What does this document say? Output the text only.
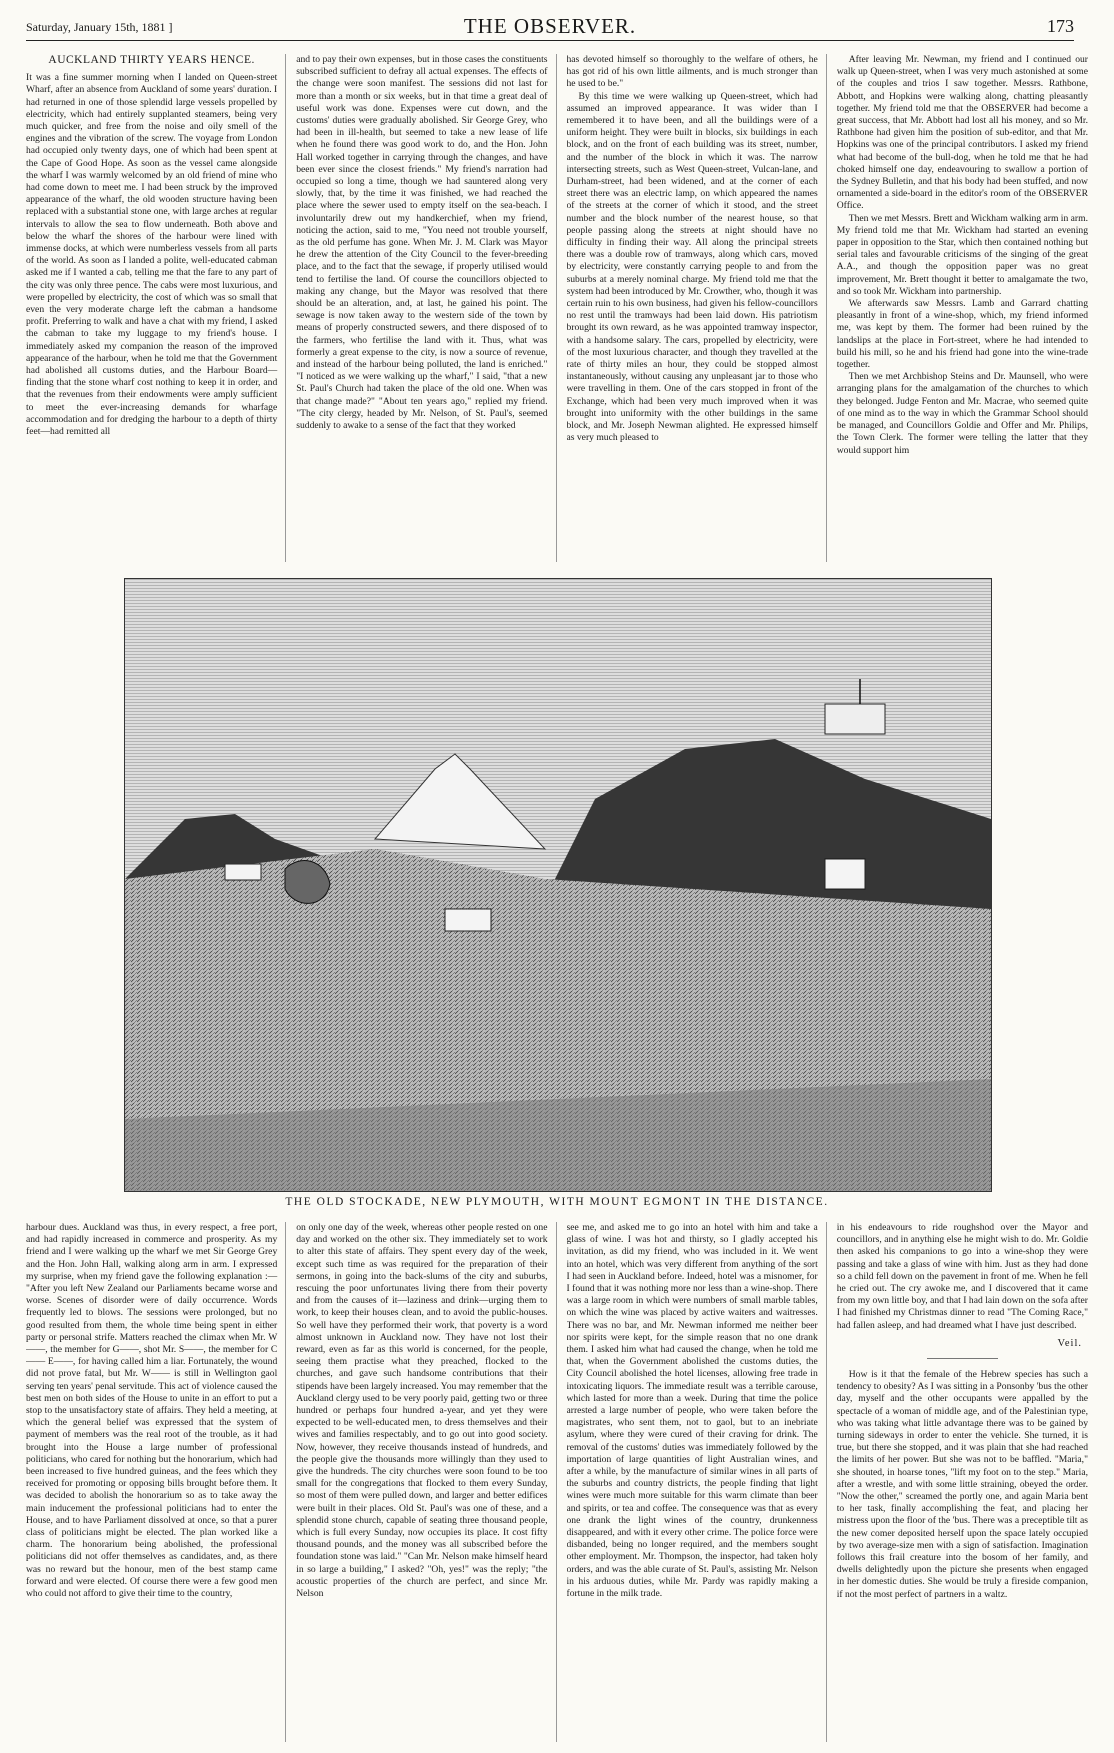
Saturday, January 15th, 1881 ]	THE OBSERVER.	173
AUCKLAND THIRTY YEARS HENCE.

It was a fine summer morning when I landed on Queen-street Wharf, after an absence from Auckland of some years' duration. I had returned in one of those splendid large vessels propelled by electricity, which had entirely supplanted steamers, being very much quicker, and free from the noise and oily smell of the engines and the vibration of the screw. The voyage from London had occupied only twenty days, one of which had been spent at the Cape of Good Hope. As soon as the vessel came alongside the wharf I was warmly welcomed by an old friend of mine who had come down to meet me. I had been struck by the improved appearance of the wharf, the old wooden structure having been replaced with a substantial stone one, with large arches at regular intervals to allow the sea to flow underneath. Both above and below the wharf the shores of the harbour were lined with immense docks, at which were numberless vessels from all parts of the world. As soon as I landed a polite, well-educated cabman asked me if I wanted a cab, telling me that the fare to any part of the city was only three pence. The cabs were most luxurious, and were propelled by electricity, the cost of which was so small that even the very moderate charge left the cabman a handsome profit. Preferring to walk and have a chat with my friend, I asked the cabman to take my luggage to my friend's house. I immediately asked my companion the reason of the improved appearance of the harbour, when he told me that the Government had abolished all customs duties, and the Harbour Board—finding that the stone wharf cost nothing to keep it in order, and that the revenues from their endowments were amply sufficient to meet the ever-increasing demands for wharfage accommodation and for dredging the harbour to a depth of thirty feet—had remitted all

and to pay their own expenses, but in those cases the constituents subscribed sufficient to defray all actual expenses. The effects of the change were soon manifest. The sessions did not last for more than a month or six weeks, but in that time a great deal of useful work was done. Expenses were cut down, and the customs' duties were gradually abolished. Sir George Grey, who had been in ill-health, but seemed to take a new lease of life when he found there was good work to do, and the Hon. John Hall worked together in carrying through the changes, and have been ever since the closest friends." My friend's narration had occupied so long a time, though we had sauntered along very slowly, that, by the time it was finished, we had reached the place where the sewer used to empty itself on the sea-beach. I involuntarily drew out my handkerchief, when my friend, noticing the action, said to me, "You need not trouble yourself, as the old perfume has gone. When Mr. J. M. Clark was Mayor he drew the attention of the City Council to the fever-breeding place, and to the fact that the sewage, if properly utilised would tend to fertilise the land. Of course the councillors objected to making any change, but the Mayor was resolved that there should be an alteration, and, at last, he gained his point. The sewage is now taken away to the western side of the town by means of properly constructed sewers, and there disposed of to the farmers, who fertilise the land with it. Thus, what was formerly a great expense to the city, is now a source of revenue, and instead of the harbour being polluted, the land is enriched." "I noticed as we were walking up the wharf," I said, "that a new St. Paul's Church had taken the place of the old one. When was that change made?" "About ten years ago," replied my friend. "The city clergy, headed by Mr. Nelson, of St. Paul's, seemed suddenly to awake to a sense of the fact that they worked

has devoted himself so thoroughly to the welfare of others, he has got rid of his own little ailments, and is much stronger than he used to be."

By this time we were walking up Queen-street, which had assumed an improved appearance. It was wider than I remembered it to have been, and all the buildings were of a uniform height. They were built in blocks, six buildings in each block, and on the front of each building was its street, number, and the number of the block in which it was. The narrow intersecting streets, such as West Queen-street, Vulcan-lane, and Durham-street, had been widened, and at the corner of each street there was an electric lamp, on which appeared the names of the streets at the corner of which it stood, and the street number and the block number of the nearest house, so that people passing along the streets at night should have no difficulty in finding their way. All along the principal streets there was a double row of tramways, along which cars, moved by electricity, were constantly carrying people to and from the suburbs at a merely nominal charge. My friend told me that the system had been introduced by Mr. Crowther, who, though it was certain ruin to his own business, had given his fellow-councillors no rest until the tramways had been laid down. His patriotism brought its own reward, as he was appointed tramway inspector, with a handsome salary. The cars, propelled by electricity, were of the most luxurious character, and though they travelled at the rate of thirty miles an hour, they could be stopped almost instantaneously, without causing any unpleasant jar to those who were travelling in them. One of the cars stopped in front of the Exchange, which had been very much improved when it was brought into uniformity with the other buildings in the same block, and Mr. Joseph Newman alighted. He expressed himself as very much pleased to

After leaving Mr. Newman, my friend and I continued our walk up Queen-street, when I was very much astonished at some of the couples and trios I saw together. Messrs. Rathbone, Abbott, and Hopkins were walking along, chatting pleasantly together. My friend told me that the OBSERVER had become a great success, that Mr. Abbott had lost all his money, and so Mr. Rathbone had given him the position of sub-editor, and that Mr. Hopkins was one of the principal contributors. I asked my friend what had become of the bull-dog, when he told me that he had choked himself one day, endeavouring to swallow a portion of the Sydney Bulletin, and that his body had been stuffed, and now ornamented a side-board in the editor's room of the OBSERVER Office.

Then we met Messrs. Brett and Wickham walking arm in arm. My friend told me that Mr. Wickham had started an evening paper in opposition to the Star, which then contained nothing but serial tales and favourable criticisms of the singing of the great A.A., and though the opposition paper was no great improvement, Mr. Brett thought it better to amalgamate the two, and so took Mr. Wickham into partnership.

We afterwards saw Messrs. Lamb and Garrard chatting pleasantly in front of a wine-shop, which, my friend informed me, was kept by them. The former had been ruined by the landslips at the place in Fort-street, where he had intended to build his mill, so he and his friend had gone into the wine-trade together.

Then we met Archbishop Steins and Dr. Maunsell, who were arranging plans for the amalgamation of the churches to which they belonged. Judge Fenton and Mr. Macrae, who seemed quite of one mind as to the way in which the Grammar School should be managed, and Councillors Goldie and Offer and Mr. Philips, the Town Clerk. The former were telling the latter that they would support him

THE OLD STOCKADE, NEW PLYMOUTH, WITH MOUNT EGMONT IN THE DISTANCE.

harbour dues. Auckland was thus, in every respect, a free port, and had rapidly increased in commerce and prosperity. As my friend and I were walking up the wharf we met Sir George Grey and the Hon. John Hall, walking along arm in arm. I expressed my surprise, when my friend gave the following explanation :— "After you left New Zealand our Parliaments became worse and worse. Scenes of disorder were of daily occurrence. Words frequently led to blows. The sessions were prolonged, but no good resulted from them, the whole time being spent in either party or personal strife. Matters reached the climax when Mr. W——, the member for G——, shot Mr. S——, the member for C—— E——, for having called him a liar. Fortunately, the wound did not prove fatal, but Mr. W—— is still in Wellington gaol serving ten years' penal servitude. This act of violence caused the best men on both sides of the House to unite in an effort to put a stop to the unsatisfactory state of affairs. They held a meeting, at which the general belief was expressed that the system of payment of members was the real root of the trouble, as it had brought into the House a large number of professional politicians, who cared for nothing but the honorarium, which had been increased to five hundred guineas, and the fees which they received for promoting or opposing bills brought before them. It was decided to abolish the honorarium so as to take away the main inducement the professional politicians had to enter the House, and to have Parliament dissolved at once, so that a purer class of politicians might be elected. The plan worked like a charm. The honorarium being abolished, the professional politicians did not offer themselves as candidates, and, as there was no reward but the honour, men of the best stamp came forward and were elected. Of course there were a few good men who could not afford to give their time to the country,

on only one day of the week, whereas other people rested on one day and worked on the other six. They immediately set to work to alter this state of affairs. They spent every day of the week, except such time as was required for the preparation of their sermons, in going into the back-slums of the city and suburbs, rescuing the poor unfortunates living there from their poverty and from the causes of it—laziness and drink—urging them to work, to keep their houses clean, and to avoid the public-houses. So well have they performed their work, that poverty is a word almost unknown in Auckland now. They have not lost their reward, even as far as this world is concerned, for the people, seeing them practise what they preached, flocked to the churches, and gave such handsome contributions that their stipends have been largely increased. You may remember that the Auckland clergy used to be very poorly paid, getting two or three hundred or perhaps four hundred a-year, and yet they were expected to be well-educated men, to dress themselves and their wives and families respectably, and to go out into good society. Now, however, they receive thousands instead of hundreds, and the people give the thousands more willingly than they used to give the hundreds. The city churches were soon found to be too small for the congregations that flocked to them every Sunday, so most of them were pulled down, and larger and better edifices were built in their places. Old St. Paul's was one of these, and a splendid stone church, capable of seating three thousand people, which is full every Sunday, now occupies its place. It cost fifty thousand pounds, and the money was all subscribed before the foundation stone was laid." "Can Mr. Nelson make himself heard in so large a building," I asked? "Oh, yes!" was the reply; "the acoustic properties of the church are perfect, and since Mr. Nelson

see me, and asked me to go into an hotel with him and take a glass of wine. I was hot and thirsty, so I gladly accepted his invitation, as did my friend, who was included in it. We went into an hotel, which was very different from anything of the sort I had seen in Auckland before. Indeed, hotel was a misnomer, for I found that it was nothing more nor less than a wine-shop. There was a large room in which were numbers of small marble tables, on which the wine was placed by active waiters and waitresses. There was no bar, and Mr. Newman informed me neither beer nor spirits were kept, for the simple reason that no one drank them. I asked him what had caused the change, when he told me that, when the Government abolished the customs duties, the City Council abolished the hotel licenses, allowing free trade in intoxicating liquors. The immediate result was a terrible carouse, which lasted for more than a week. During that time the police arrested a large number of people, who were taken before the magistrates, who sent them, not to gaol, but to an inebriate asylum, where they were cured of their craving for drink. The removal of the customs' duties was immediately followed by the importation of large quantities of light Australian wines, and after a while, by the manufacture of similar wines in all parts of the suburbs and country districts, the people finding that light wines were much more suitable for this warm climate than beer and spirits, or tea and coffee. The consequence was that as every one drank the light wines of the country, drunkenness disappeared, and with it every other crime. The police force were disbanded, being no longer required, and the members sought other employment. Mr. Thompson, the inspector, had taken holy orders, and was the able curate of St. Paul's, assisting Mr. Nelson in his arduous duties, while Mr. Pardy was rapidly making a fortune in the milk trade.

in his endeavours to ride roughshod over the Mayor and councillors, and in anything else he might wish to do. Mr. Goldie then asked his companions to go into a wine-shop they were passing and take a glass of wine with him. Just as they had done so a child fell down on the pavement in front of me. When he fell he cried out. The cry awoke me, and I discovered that it came from my own little boy, and that I had lain down on the sofa after I had finished my Christmas dinner to read "The Coming Race," had fallen asleep, and had dreamed what I have just described.

Veil.

How is it that the female of the Hebrew species has such a tendency to obesity? As I was sitting in a Ponsonby 'bus the other day, myself and the other occupants were appalled by the spectacle of a woman of middle age, and of the Palestinian type, who was taking what little advantage there was to be gained by turning sideways in order to enter the vehicle. She turned, it is true, but there she stopped, and it was plain that she had reached the limits of her power. But she was not to be baffled. "Maria," she shouted, in hoarse tones, "lift my foot on to the step." Maria, after a wrestle, and with some little straining, obeyed the order. "Now the other," screamed the portly one, and again Maria bent to her task, finally accomplishing the feat, and placing her mistress upon the floor of the 'bus. There was a preceptible tilt as the new comer deposited herself upon the space lately occupied by two average-size men with a sign of satisfaction. Imagination follows this frail creature into the bosom of her family, and dwells delightedly upon the picture she presents when engaged in her domestic duties. She would be truly a fireside companion, if not the most perfect of partners in a waltz.
